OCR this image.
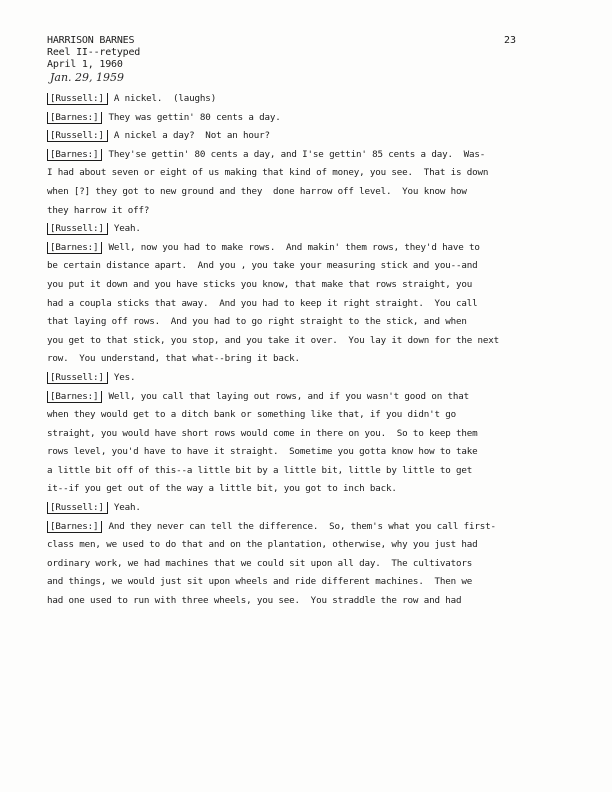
HARRISON BARNES
Reel II--retyped
April 1, 1960
Jan. 29, 1959
23
[Russell:] A nickel.  (laughs)
[Barnes:] They was gettin' 80 cents a day.
[Russell:] A nickel a day?  Not an hour?
[Barnes:] They'se gettin' 80 cents a day, and I'se gettin' 85 cents a day.  Was-
I had about seven or eight of us making that kind of money, you see.  That is down
when [?] they got to new ground and they  done harrow off level.  You know how
they harrow it off?
[Russell:] Yeah.
[Barnes:] Well, now you had to make rows.  And makin' them rows, they'd have to
be certain distance apart.  And you , you take your measuring stick and you--and
you put it down and you have sticks you know, that make that rows straight, you
had a coupla sticks that away.  And you had to keep it right straight.  You call
that laying off rows.  And you had to go right straight to the stick, and when
you get to that stick, you stop, and you take it over.  You lay it down for the next
row.  You understand, that what--bring it back.
[Russell:] Yes.
[Barnes:] Well, you call that laying out rows, and if you wasn't good on that
when they would get to a ditch bank or something like that, if you didn't go
straight, you would have short rows would come in there on you.  So to keep them
rows level, you'd have to have it straight.  Sometime you gotta know how to take
a little bit off of this--a little bit by a little bit, little by little to get
it--if you get out of the way a little bit, you got to inch back.
[Russell:] Yeah.
[Barnes:] And they never can tell the difference.  So, them's what you call first-
class men, we used to do that and on the plantation, otherwise, why you just had
ordinary work, we had machines that we could sit upon all day.  The cultivators
and things, we would just sit upon wheels and ride different machines.  Then we
had one used to run with three wheels, you see.  You straddle the row and had
